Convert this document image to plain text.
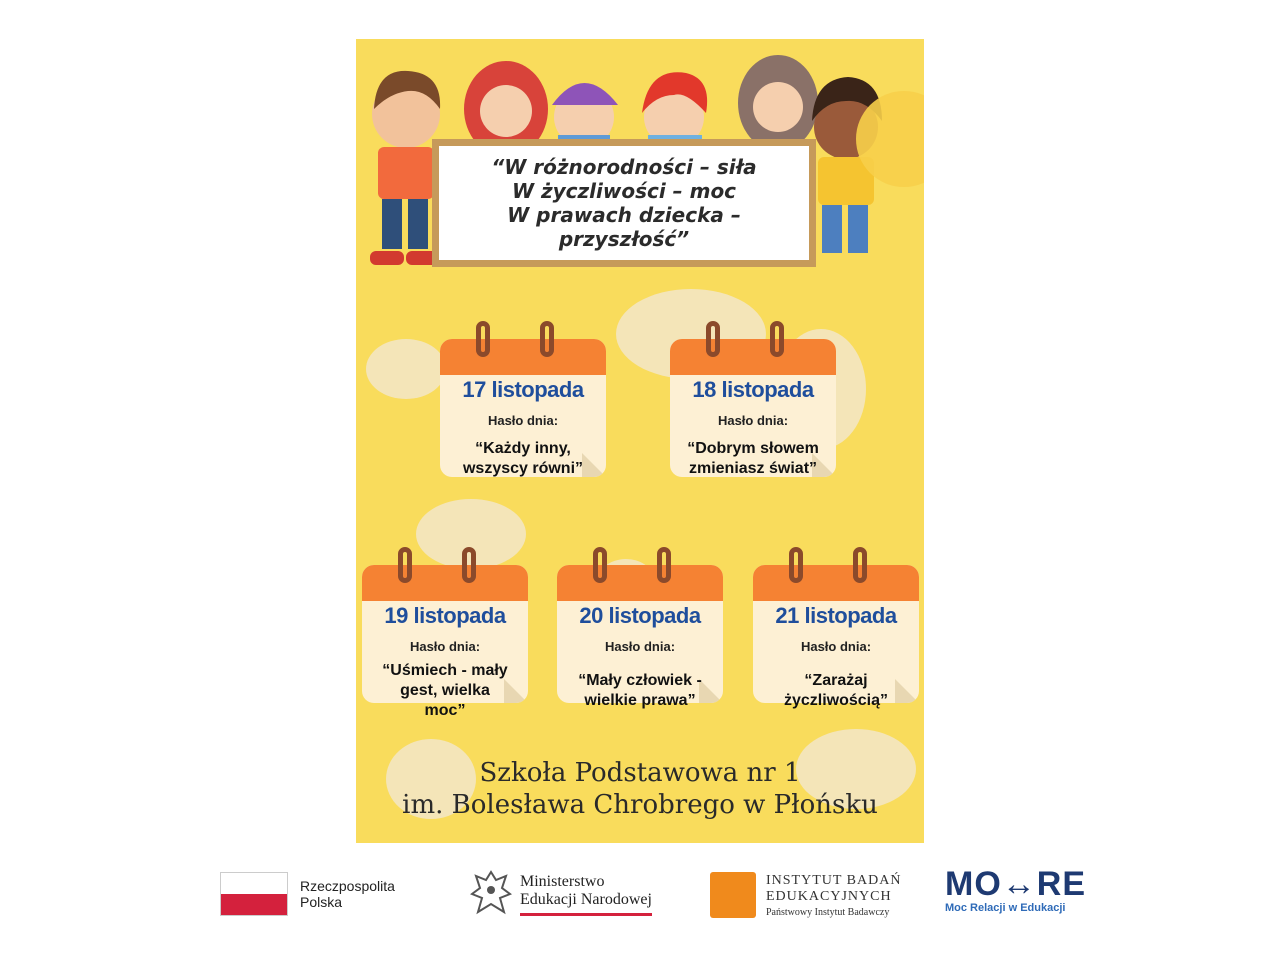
“W różnorodności – siła
W życzliwości – moc
W prawach dziecka – przyszłość”
17 listopada
Hasło dnia:
“Każdy inny, wszyscy równi”
18 listopada
Hasło dnia:
“Dobrym słowem zmieniasz świat”
19 listopada
Hasło dnia:
“Uśmiech - mały gest, wielka moc”
20 listopada
Hasło dnia:
“Mały człowiek - wielkie prawa”
21 listopada
Hasło dnia:
“Zarażaj życzliwością”
Szkoła Podstawowa nr 1
im. Bolesława Chrobrego w Płońsku
Rzeczpospolita
Polska
Ministerstwo
Edukacji Narodowej
INSTYTUT BADAŃ
EDUKACYJNYCH
Państwowy Instytut Badawczy
MO↔RE
Moc Relacji w Edukacji
